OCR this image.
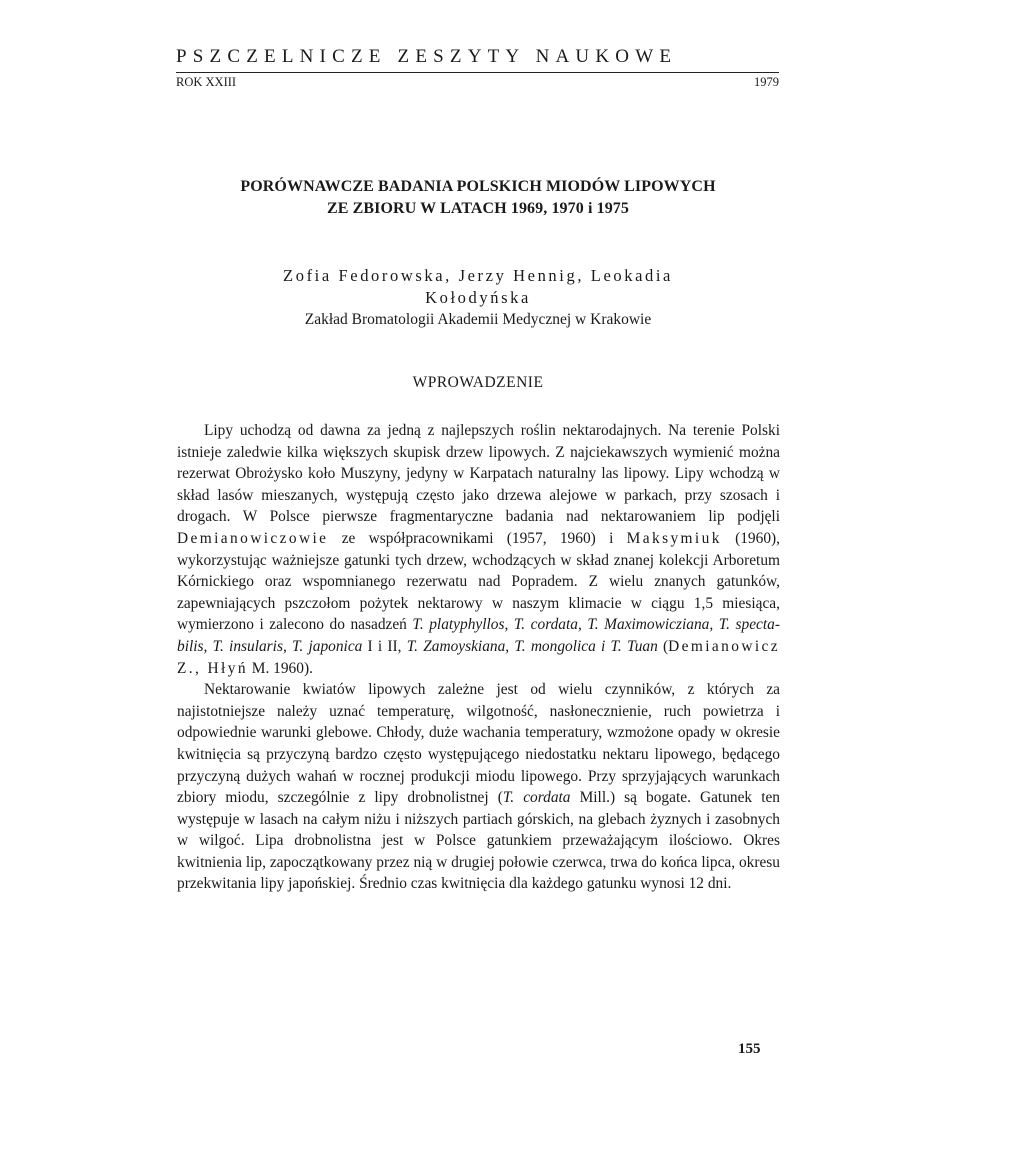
PSZCZELNICZE ZESZYTY NAUKOWE
ROK XXIII	1979
PORÓWNAWCZE BADANIA POLSKICH MIODÓW LIPOWYCH
ZE ZBIORU W LATACH 1969, 1970 i 1975
Zofia Fedorowska, Jerzy Hennig, Leokadia
Kołodyńska
Zakład Bromatologii Akademii Medycznej w Krakowie
WPROWADZENIE

Lipy uchodzą od dawna za jedną z najlepszych roślin nektarodajnych. Na terenie Polski istnieje zaledwie kilka większych skupisk drzew lipowych. Z najciekawszych wymienić można rezerwat Obrożysko koło Muszyny, jedyny w Karpatach naturalny las lipowy. Lipy wchodzą w skład lasów mieszanych, występują często jako drzewa alejowe w parkach, przy szosach i drogach. W Polsce pierwsze fragmentaryczne badania nad nektarowaniem lip podjęli Demianowiczowie ze współpracownikami (1957, 1960) i Maksymiuk (1960), wykorzystując ważniejsze gatunki tych drzew, wchodzących w skład znanej kolekcji Arboretum Kórnickiego oraz wspomnianego rezerwatu nad Popradem. Z wielu znanych gatunków, zapewniających pszczołom pożytek nektarowy w naszym klimacie w ciągu 1,5 miesiąca, wymierzono i zalecono do nasadzeń T. platyphyllos, T. cordata, T. Maximowicziana, T. spectabilis, T. insularis, T. japonica I i II, T. Zamoyskiana, T. mongolica i T. Tuan (Demianowicz Z., Hłyń M. 1960).

Nektarowanie kwiatów lipowych zależne jest od wielu czynników, z których za najistotniejsze należy uznać temperaturę, wilgotność, nasłonecznienie, ruch powietrza i odpowiednie warunki glebowe. Chłody, duże wachania temperatury, wzmożone opady w okresie kwitnięcia są przyczyną bardzo często występującego niedostatku nektaru lipowego, będącego przyczyną dużych wahań w rocznej produkcji miodu lipowego. Przy sprzyjających warunkach zbiory miodu, szczególnie z lipy drobnolistnej (T. cordata Mill.) są bogate. Gatunek ten występuje w lasach na całym niżu i niższych partiach górskich, na glebach żyznych i zasobnych w wilgoć. Lipa drobnolistna jest w Polsce gatunkiem przeważającym ilościowo. Okres kwitnienia lip, zapoczątkowany przez nią w drugiej połowie czerwca, trwa do końca lipca, okresu przekwitania lipy japońskiej. Średnio czas kwitnięcia dla każdego gatunku wynosi 12 dni.

155
